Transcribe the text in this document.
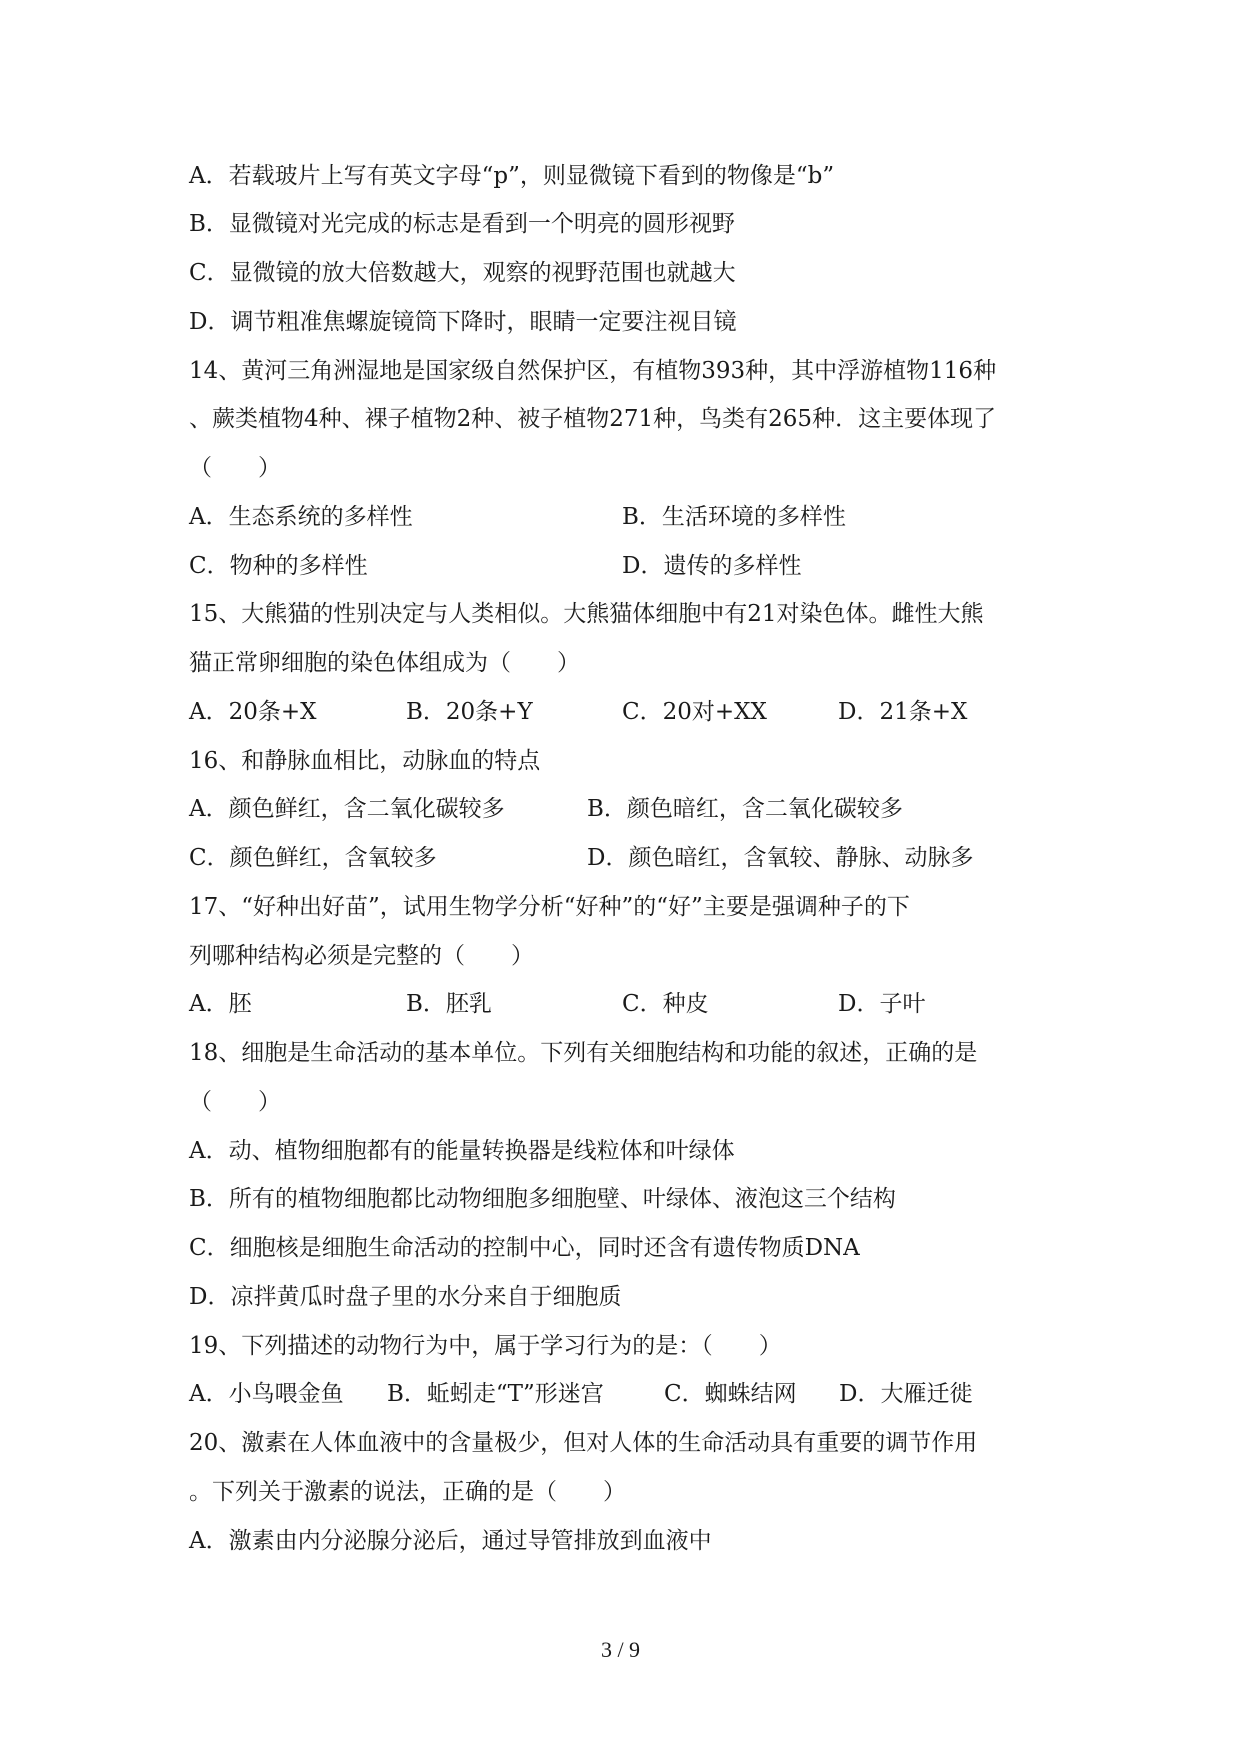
A．若载玻片上写有英文字母“p”，则显微镜下看到的物像是“b”
B．显微镜对光完成的标志是看到一个明亮的圆形视野
C．显微镜的放大倍数越大，观察的视野范围也就越大
D．调节粗准焦螺旋镜筒下降时，眼睛一定要注视目镜
14、黄河三角洲湿地是国家级自然保护区，有植物393种，其中浮游植物116种
、蕨类植物4种、裸子植物2种、被子植物271种，鸟类有265种．这主要体现了
（　　）
A．生态系统的多样性	B．生活环境的多样性
C．物种的多样性	D．遗传的多样性
15、大熊猫的性别决定与人类相似。大熊猫体细胞中有21对染色体。雌性大熊
猫正常卵细胞的染色体组成为（　　）
A．20条+X	B．20条+Y	C．20对+XX	D．21条+X
16、和静脉血相比，动脉血的特点
A．颜色鲜红，含二氧化碳较多	B．颜色暗红，含二氧化碳较多
C．颜色鲜红，含氧较多	D．颜色暗红，含氧较、静脉、动脉多
17、“好种出好苗”，试用生物学分析“好种”的“好”主要是强调种子的下
列哪种结构必须是完整的（　　）
A．胚	B．胚乳	C．种皮	D．子叶
18、细胞是生命活动的基本单位。下列有关细胞结构和功能的叙述，正确的是
（　　）
A．动、植物细胞都有的能量转换器是线粒体和叶绿体
B．所有的植物细胞都比动物细胞多细胞壁、叶绿体、液泡这三个结构
C．细胞核是细胞生命活动的控制中心，同时还含有遗传物质DNA
D．凉拌黄瓜时盘子里的水分来自于细胞质
19、下列描述的动物行为中，属于学习行为的是：（　　）
A．小鸟喂金鱼 B．蚯蚓走“T”形迷宫	C．蜘蛛结网 D．大雁迁徙
20、激素在人体血液中的含量极少，但对人体的生命活动具有重要的调节作用
。下列关于激素的说法，正确的是（　　）
A．激素由内分泌腺分泌后，通过导管排放到血液中
3 / 9
